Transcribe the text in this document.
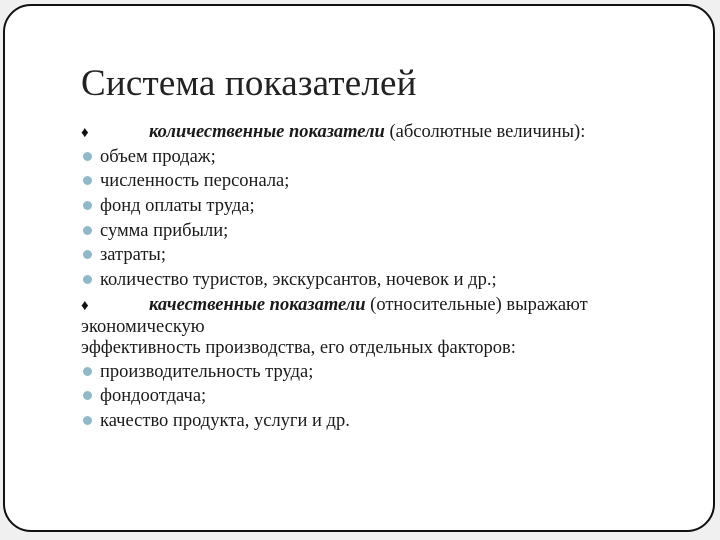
Система показателей
♦	количественные показатели (абсолютные величины):
объем продаж;
численность персонала;
фонд оплаты труда;
сумма прибыли;
затраты;
количество туристов, экскурсантов, ночевок и др.;
♦	качественные показатели (относительные) выражают
экономическую
эффективность производства, его отдельных факторов:
производительность труда;
фондоотдача;
качество продукта, услуги и др.
